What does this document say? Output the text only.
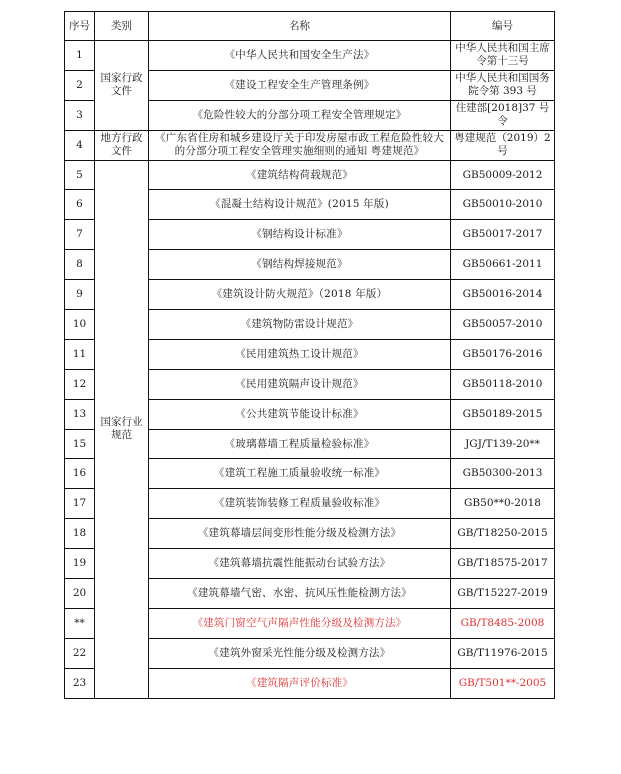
序号	类别	名称	编号
1	国家行政文件	《中华人民共和国安全生产法》	中华人民共和国主席令第十三号
2		《建设工程安全生产管理条例》	中华人民共和国国务院令第 393 号
3		《危险性较大的分部分项工程安全管理规定》	住建部[2018]37 号令
4	地方行政文件	《广东省住房和城乡建设厅关于印发房屋市政工程危险性较大的分部分项工程安全管理实施细则的通知 粤建规范》	粤建规范（2019）2号
5	国家行业规范	《建筑结构荷载规范》	GB50009-2012
6		《混凝土结构设计规范》(2015 年版)	GB50010-2010
7		《钢结构设计标准》	GB50017-2017
8		《钢结构焊接规范》	GB50661-2011
9		《建筑设计防火规范》（2018 年版）	GB50016-2014
10		《建筑物防雷设计规范》	GB50057-2010
11		《民用建筑热工设计规范》	GB50176-2016
12		《民用建筑隔声设计规范》	GB50118-2010
13		《公共建筑节能设计标准》	GB50189-2015
15		《玻璃幕墙工程质量检验标准》	JGJ/T139-20**
16		《建筑工程施工质量验收统一标准》	GB50300-2013
17		《建筑装饰装修工程质量验收标准》	GB50**0-2018
18		《建筑幕墙层间变形性能分级及检测方法》	GB/T18250-2015
19		《建筑幕墙抗震性能振动台试验方法》	GB/T18575-2017
20		《建筑幕墙气密、水密、抗风压性能检测方法》	GB/T15227-2019
**		《建筑门窗空气声隔声性能分级及检测方法》	GB/T8485-2008
22		《建筑外窗采光性能分级及检测方法》	GB/T11976-2015
23		《建筑隔声评价标准》	GB/T501**-2005
